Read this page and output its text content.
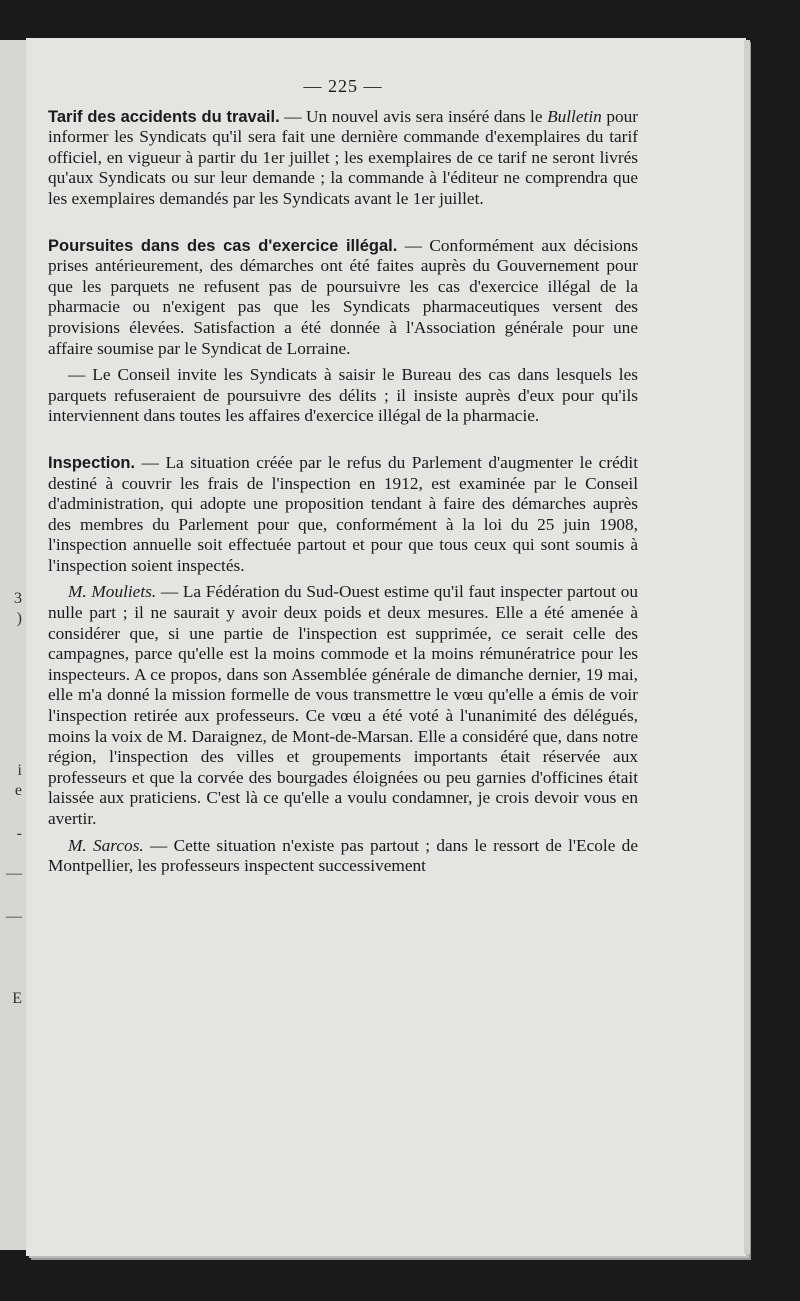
3
)
i
e
-
—
—
E
— 225 —

Tarif des accidents du travail. — Un nouvel avis sera inséré dans le Bulletin pour informer les Syndicats qu'il sera fait une dernière commande d'exemplaires du tarif officiel, en vigueur à partir du 1er juillet ; les exemplaires de ce tarif ne seront livrés qu'aux Syndicats ou sur leur demande ; la commande à l'éditeur ne comprendra que les exemplaires demandés par les Syndicats avant le 1er juillet.

Poursuites dans des cas d'exercice illégal. — Conformément aux décisions prises antérieurement, des démarches ont été faites auprès du Gouvernement pour que les parquets ne refusent pas de poursuivre les cas d'exercice illégal de la pharmacie ou n'exigent pas que les Syndicats pharmaceutiques versent des provisions élevées. Satisfaction a été donnée à l'Association générale pour une affaire soumise par le Syndicat de Lorraine.

— Le Conseil invite les Syndicats à saisir le Bureau des cas dans lesquels les parquets refuseraient de poursuivre des délits ; il insiste auprès d'eux pour qu'ils interviennent dans toutes les affaires d'exercice illégal de la pharmacie.

Inspection. — La situation créée par le refus du Parlement d'augmenter le crédit destiné à couvrir les frais de l'inspection en 1912, est examinée par le Conseil d'administration, qui adopte une proposition tendant à faire des démarches auprès des membres du Parlement pour que, conformément à la loi du 25 juin 1908, l'inspection annuelle soit effectuée partout et pour que tous ceux qui sont soumis à l'inspection soient inspectés.

M. Mouliets. — La Fédération du Sud-Ouest estime qu'il faut inspecter partout ou nulle part ; il ne saurait y avoir deux poids et deux mesures. Elle a été amenée à considérer que, si une partie de l'inspection est supprimée, ce serait celle des campagnes, parce qu'elle est la moins commode et la moins rémunératrice pour les inspecteurs. A ce propos, dans son Assemblée générale de dimanche dernier, 19 mai, elle m'a donné la mission formelle de vous transmettre le vœu qu'elle a émis de voir l'inspection retirée aux professeurs. Ce vœu a été voté à l'unanimité des délégués, moins la voix de M. Daraignez, de Mont-de-Marsan. Elle a considéré que, dans notre région, l'inspection des villes et groupements importants était réservée aux professeurs et que la corvée des bourgades éloignées ou peu garnies d'officines était laissée aux praticiens. C'est là ce qu'elle a voulu condamner, je crois devoir vous en avertir.

M. Sarcos. — Cette situation n'existe pas partout ; dans le ressort de l'Ecole de Montpellier, les professeurs inspectent successivement
